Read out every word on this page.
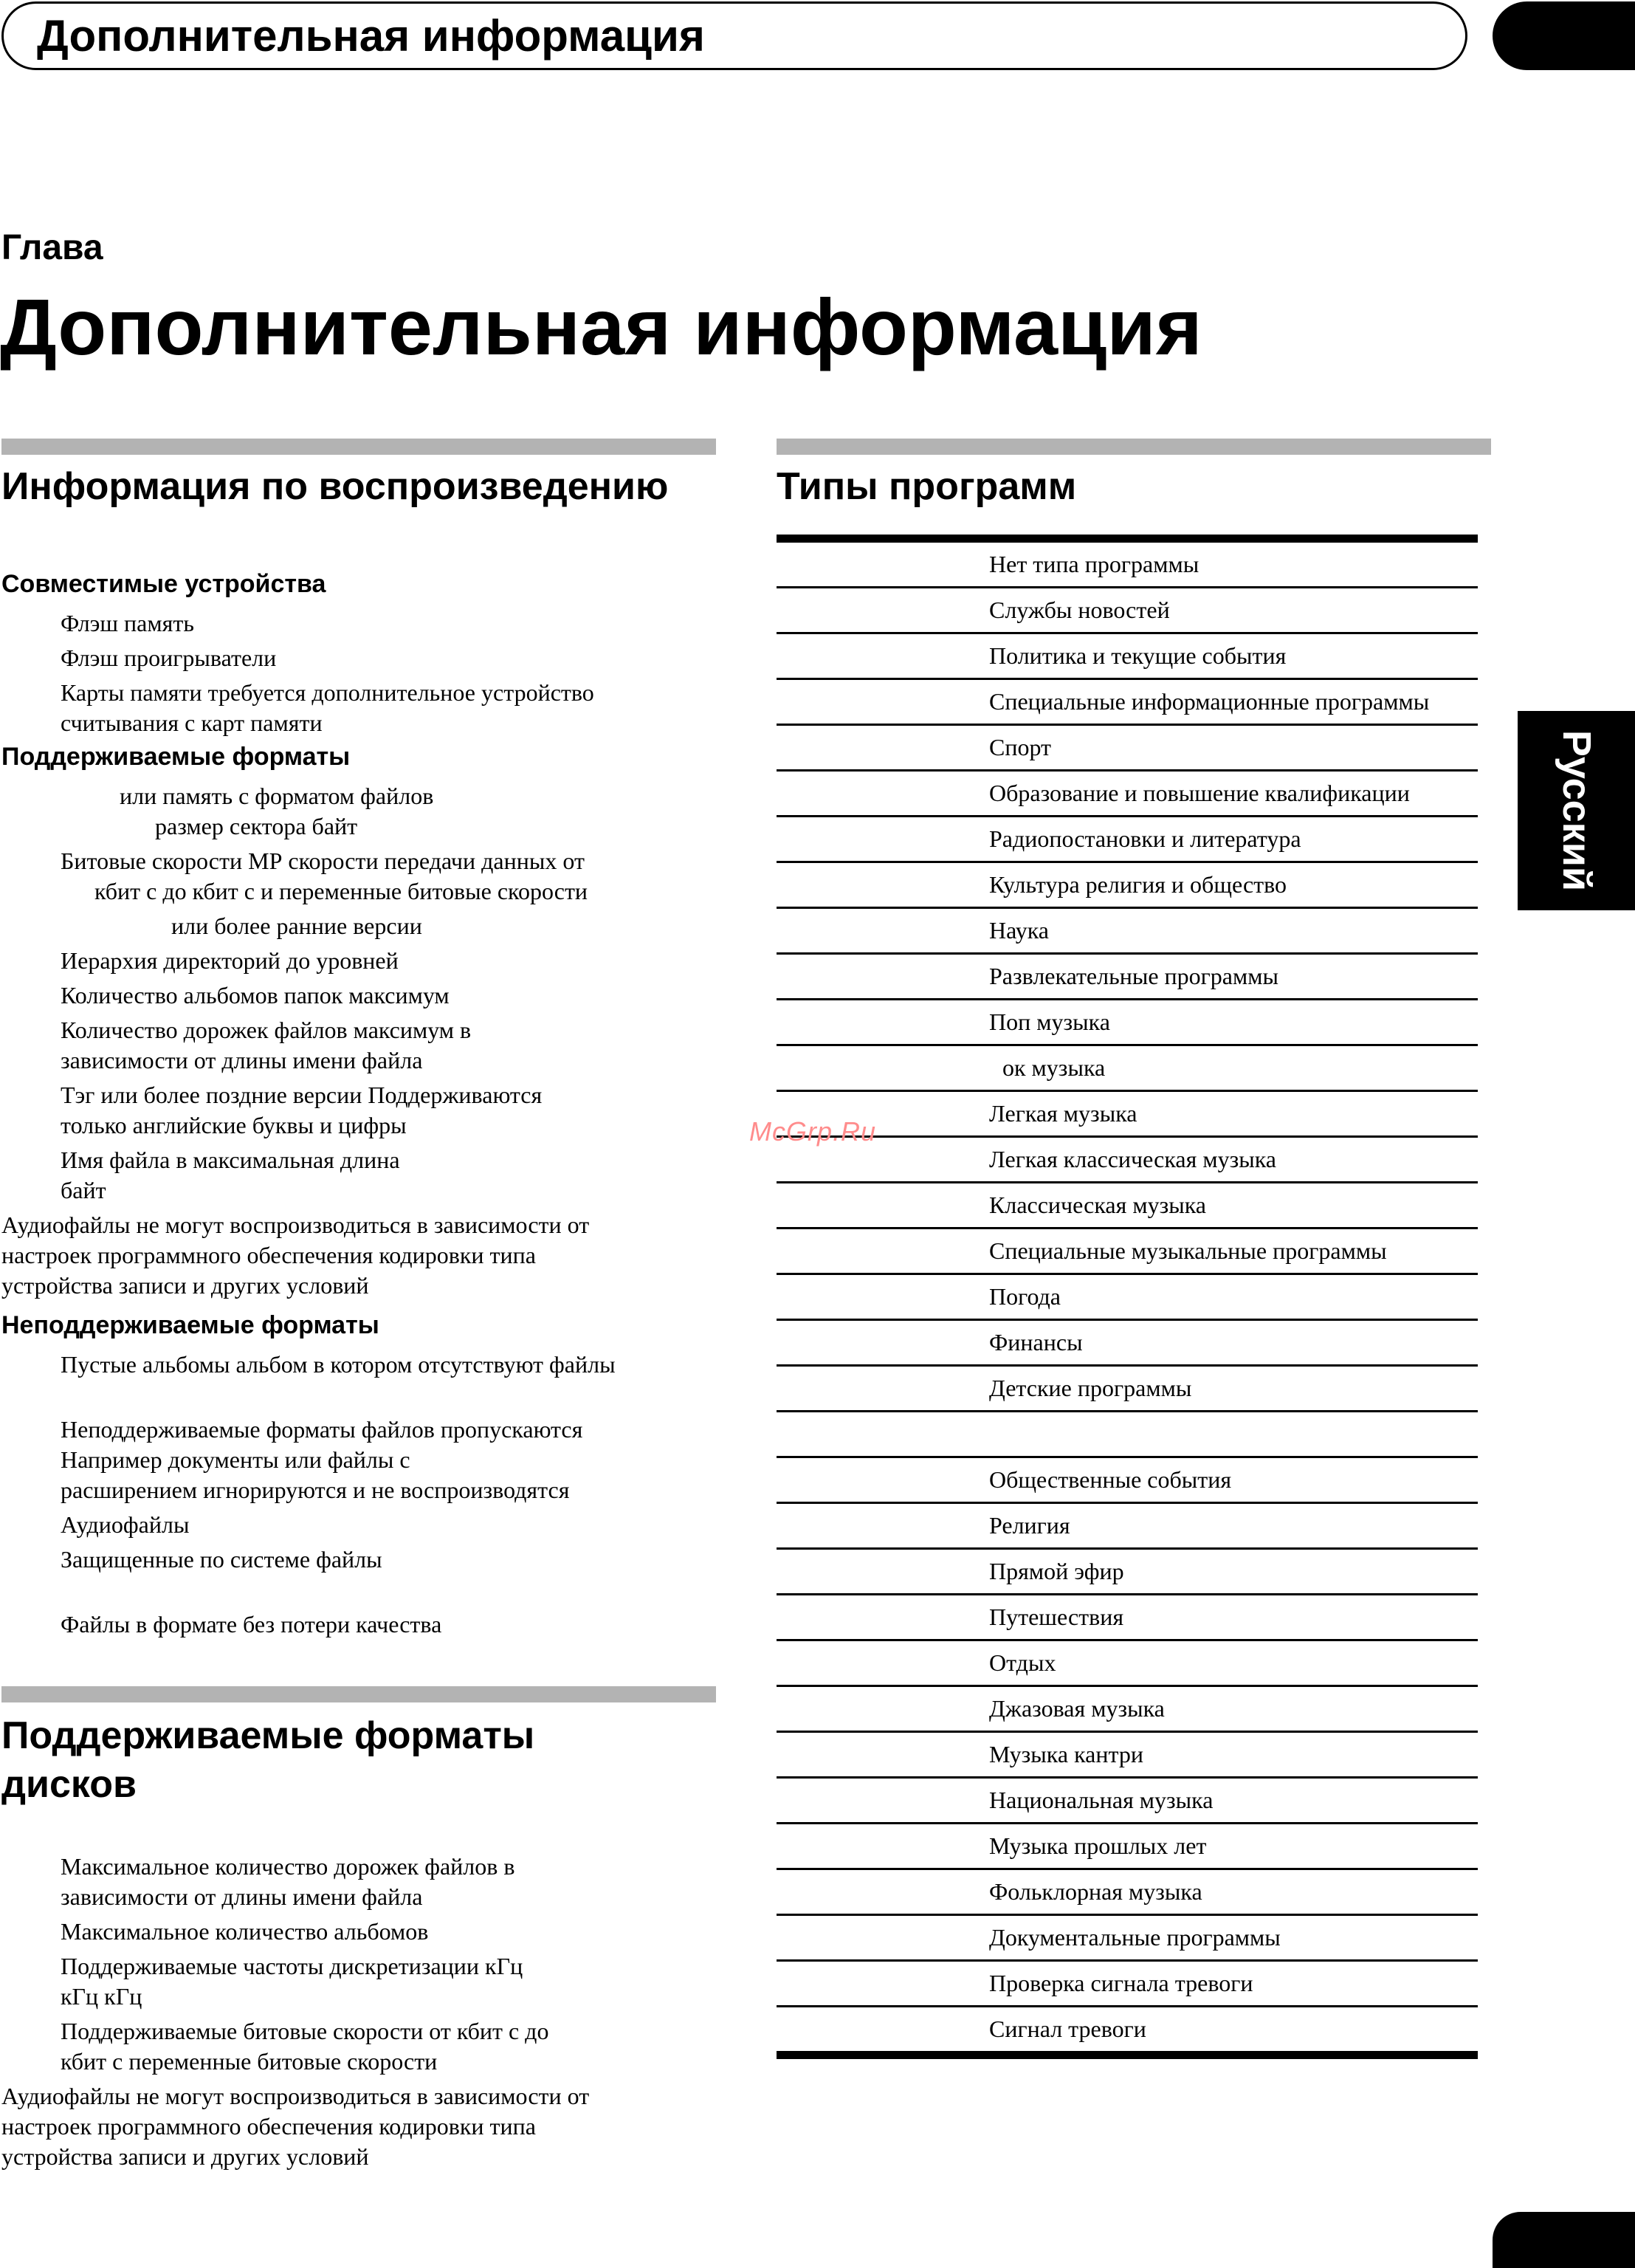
Дополнительная информация
Русский
Глава
Дополнительная информация
Информация по воспроизведению
Совместимые устройства
Флэш память
Флэш проигрыватели
Карты памяти требуется дополнительное устройство
считывания с карт памяти
Поддерживаемые форматы
или память с форматом файлов
размер сектора байт
Битовые скорости МР скорости передачи данных от
кбит с до кбит с и переменные битовые скорости
или более ранние версии
Иерархия директорий до уровней
Количество альбомов папок максимум
Количество дорожек файлов максимум в
зависимости от длины имени файла
Тэг или более поздние версии Поддерживаются
только английские буквы и цифры
Имя файла в максимальная длина
байт
Аудиофайлы не могут воспроизводиться в зависимости от
настроек программного обеспечения кодировки типа
устройства записи и других условий
Неподдерживаемые форматы
Пустые альбомы альбом в котором отсутствуют файлы
Неподдерживаемые форматы файлов пропускаются
Например документы или файлы с
расширением игнорируются и не воспроизводятся
Аудиофайлы
Защищенные по системе файлы
Файлы в формате без потери качества
Поддерживаемые форматы
дисков
Максимальное количество дорожек файлов в
зависимости от длины имени файла
Максимальное количество альбомов
Поддерживаемые частоты дискретизации кГц
кГц кГц
Поддерживаемые битовые скорости от кбит с до
кбит с переменные битовые скорости
Аудиофайлы не могут воспроизводиться в зависимости от
настроек программного обеспечения кодировки типа
устройства записи и других условий
Типы программ
Нет типа программы
Службы новостей
Политика и текущие события
Специальные информационные программы
Спорт
Образование и повышение квалификации
Радиопостановки и литература
Культура религия и общество
Наука
Развлекательные программы
Поп музыка
ок музыка
Легкая музыка
Легкая классическая музыка
Классическая музыка
Специальные музыкальные программы
Погода
Финансы
Детские программы
Общественные события
Религия
Прямой эфир
Путешествия
Отдых
Джазовая музыка
Музыка кантри
Национальная музыка
Музыка прошлых лет
Фольклорная музыка
Документальные программы
Проверка сигнала тревоги
Сигнал тревоги
McGrp.Ru
